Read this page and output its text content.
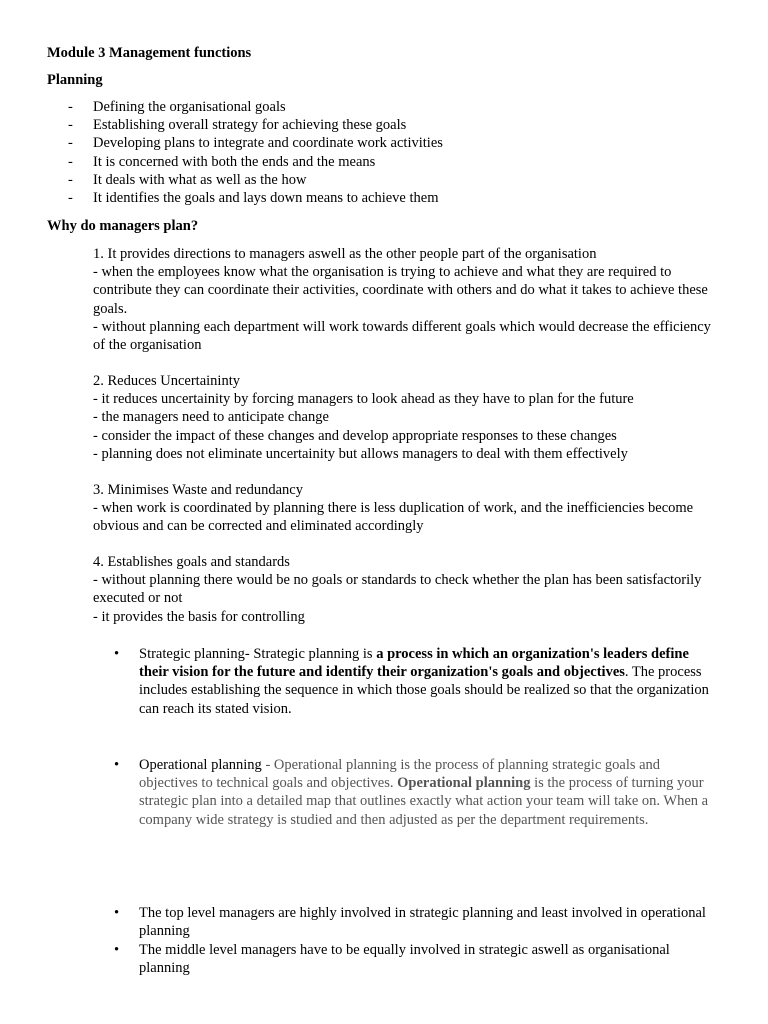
Module 3 Management functions
Planning
- Defining the organisational goals
- Establishing overall strategy for achieving these goals
- Developing plans to integrate and coordinate work activities
- It is concerned with both the ends and the means
- It deals with what as well as the how
- It identifies the goals and lays down means to achieve them
Why do managers plan?

1. It provides directions to managers aswell as the other people part of the organisation

- when the employees know what the organisation is trying to achieve and what they are required to contribute they can coordinate their activities, coordinate with others and do what it takes to achieve these goals.

- without planning each department will work towards different goals which would decrease the efficiency of the organisation

2. Reduces Uncertaininty

- it reduces uncertainity by forcing managers to look ahead as they have to plan for the future

- the managers need to anticipate change

- consider the impact of these changes and develop appropriate responses to these changes

- planning does not eliminate uncertainity but allows managers to deal with them effectively

3. Minimises Waste and redundancy

- when work is coordinated by planning there is less duplication of work, and the inefficiencies become obvious and can be corrected and eliminated accordingly

4. Establishes goals and standards

- without planning there would be no goals or standards to check whether the plan has been satisfactorily executed or not

- it provides the basis for controlling

• Strategic planning- Strategic planning is a process in which an organization's leaders define their vision for the future and identify their organization's goals and objectives. The process includes establishing the sequence in which those goals should be realized so that the organization can reach its stated vision.
• Operational planning - Operational planning is the process of planning strategic goals and objectives to technical goals and objectives. Operational planning is the process of turning your strategic plan into a detailed map that outlines exactly what action your team will take on. When a company wide strategy is studied and then adjusted as per the department requirements.
• The top level managers are highly involved in strategic planning and least involved in operational planning
• The middle level managers have to be equally involved in strategic aswell as organisational planning
